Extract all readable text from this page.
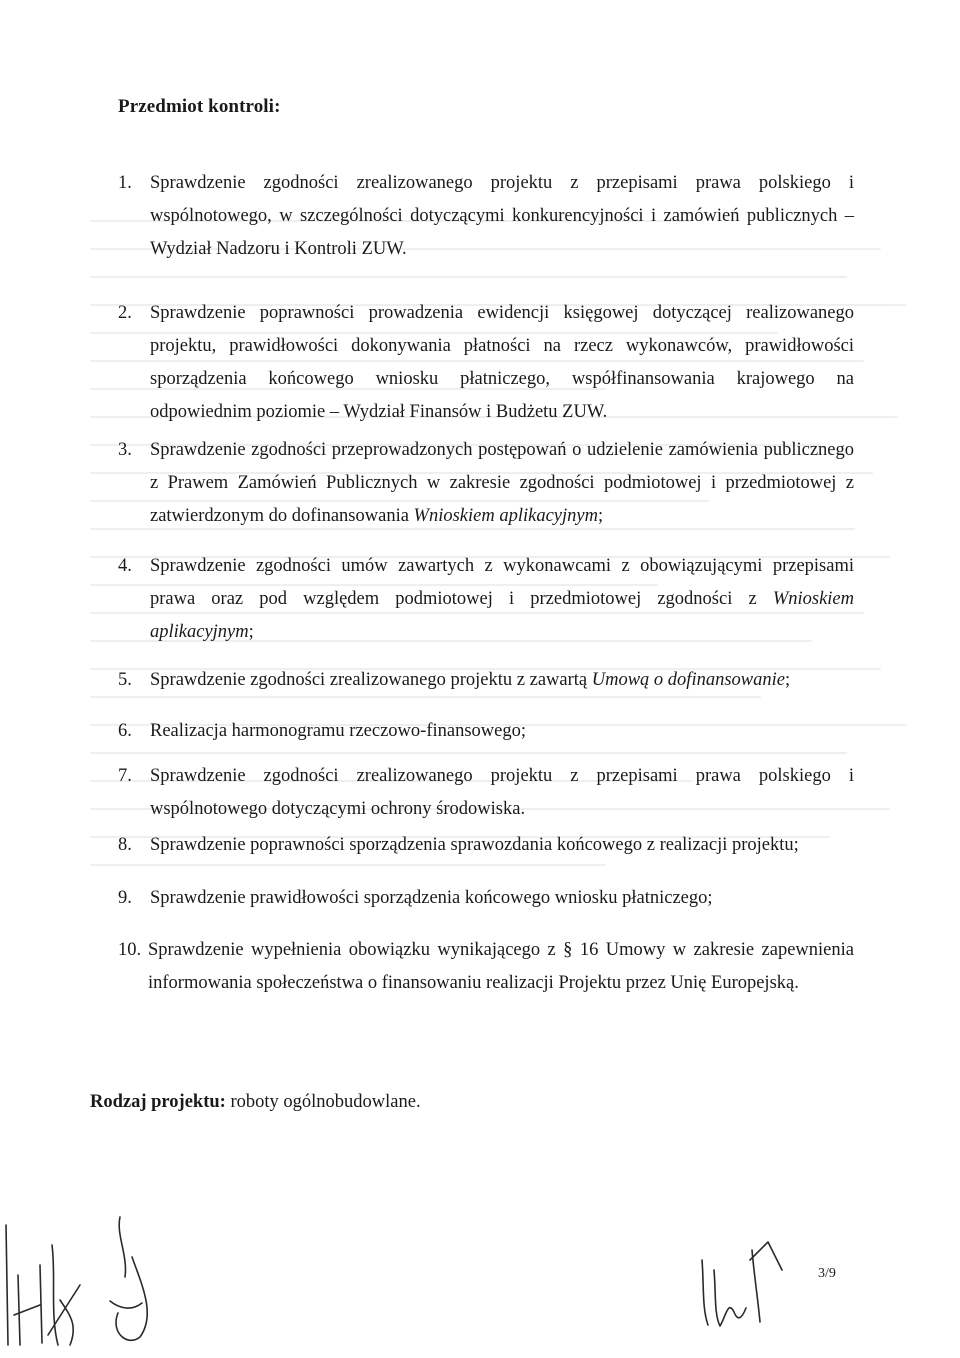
Przedmiot kontroli:
1. Sprawdzenie zgodności zrealizowanego projektu z przepisami prawa polskiego i wspólnotowego, w szczególności dotyczącymi konkurencyjności i zamówień publicznych – Wydział Nadzoru i Kontroli ZUW.
2. Sprawdzenie poprawności prowadzenia ewidencji księgowej dotyczącej realizowanego projektu, prawidłowości dokonywania płatności na rzecz wykonawców, prawidłowości sporządzenia końcowego wniosku płatniczego, współfinansowania krajowego na odpowiednim poziomie – Wydział Finansów i Budżetu ZUW.
3. Sprawdzenie zgodności przeprowadzonych postępowań o udzielenie zamówienia publicznego z Prawem Zamówień Publicznych w zakresie zgodności podmiotowej i przedmiotowej z zatwierdzonym do dofinansowania Wnioskiem aplikacyjnym;
4. Sprawdzenie zgodności umów zawartych z wykonawcami z obowiązującymi przepisami prawa oraz pod względem podmiotowej i przedmiotowej zgodności z Wnioskiem aplikacyjnym;
5. Sprawdzenie zgodności zrealizowanego projektu z zawartą Umową o dofinansowanie;
6. Realizacja harmonogramu rzeczowo-finansowego;
7. Sprawdzenie zgodności zrealizowanego projektu z przepisami prawa polskiego i wspólnotowego dotyczącymi ochrony środowiska.
8. Sprawdzenie poprawności sporządzenia sprawozdania końcowego z realizacji projektu;
9. Sprawdzenie prawidłowości sporządzenia końcowego wniosku płatniczego;
10. Sprawdzenie wypełnienia obowiązku wynikającego z § 16 Umowy w zakresie zapewnienia informowania społeczeństwa o finansowaniu realizacji Projektu przez Unię Europejską.
Rodzaj projektu: roboty ogólnobudowlane.
3/9
